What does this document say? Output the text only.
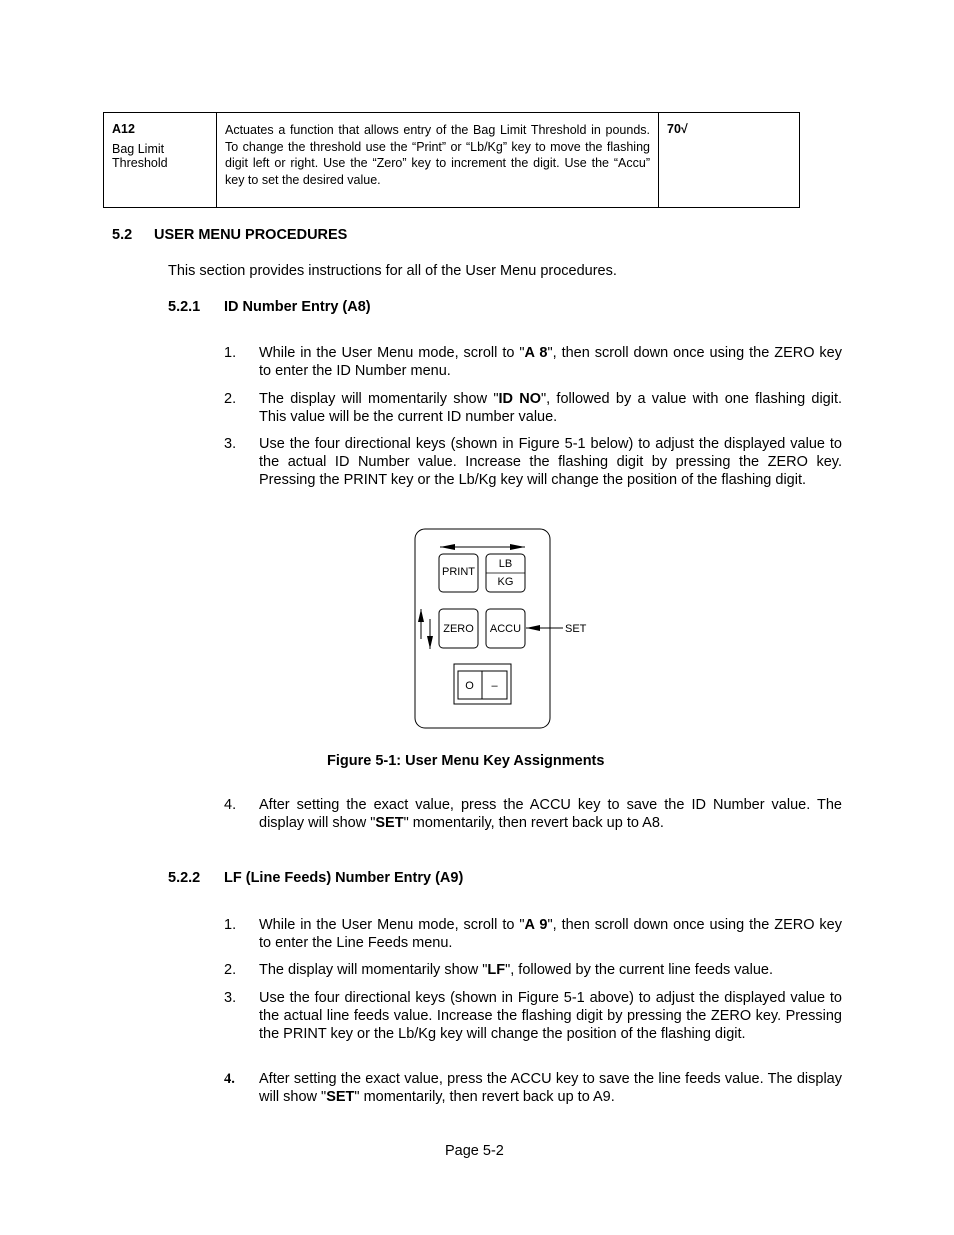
A12
Bag Limit Threshold	Actuates a function that allows entry of the Bag Limit Threshold in pounds. To change the threshold use the “Print” or “Lb/Kg” key to move the flashing digit left or right. Use the “Zero” key to increment the digit. Use the “Accu” key to set the desired value.	70√
5.2 USER MENU PROCEDURES
This section provides instructions for all of the User Menu procedures.
5.2.1 ID Number Entry (A8)
1. While in the User Menu mode, scroll to "A 8", then scroll down once using the ZERO key to enter the ID Number menu.
2. The display will momentarily show "ID NO", followed by a value with one flashing digit. This value will be the current ID number value.
3. Use the four directional keys (shown in Figure 5-1 below) to adjust the displayed value to the actual ID Number value. Increase the flashing digit by pressing the ZERO key. Pressing the PRINT key or the Lb/Kg key will change the position of the flashing digit.
PRINT
LB
KG
ZERO ACCU	SET
O –
Figure 5-1: User Menu Key Assignments
4. After setting the exact value, press the ACCU key to save the ID Number value. The display will show "SET" momentarily, then revert back up to A8.
5.2.2 LF (Line Feeds) Number Entry (A9)
1. While in the User Menu mode, scroll to "A 9", then scroll down once using the ZERO key to enter the Line Feeds menu.
2. The display will momentarily show "LF", followed by the current line feeds value.
3. Use the four directional keys (shown in Figure 5-1 above) to adjust the displayed value to the actual line feeds value. Increase the flashing digit by pressing the ZERO key. Pressing the PRINT key or the Lb/Kg key will change the position of the flashing digit.
4. After setting the exact value, press the ACCU key to save the line feeds value. The display will show "SET" momentarily, then revert back up to A9.
Page 5-2
